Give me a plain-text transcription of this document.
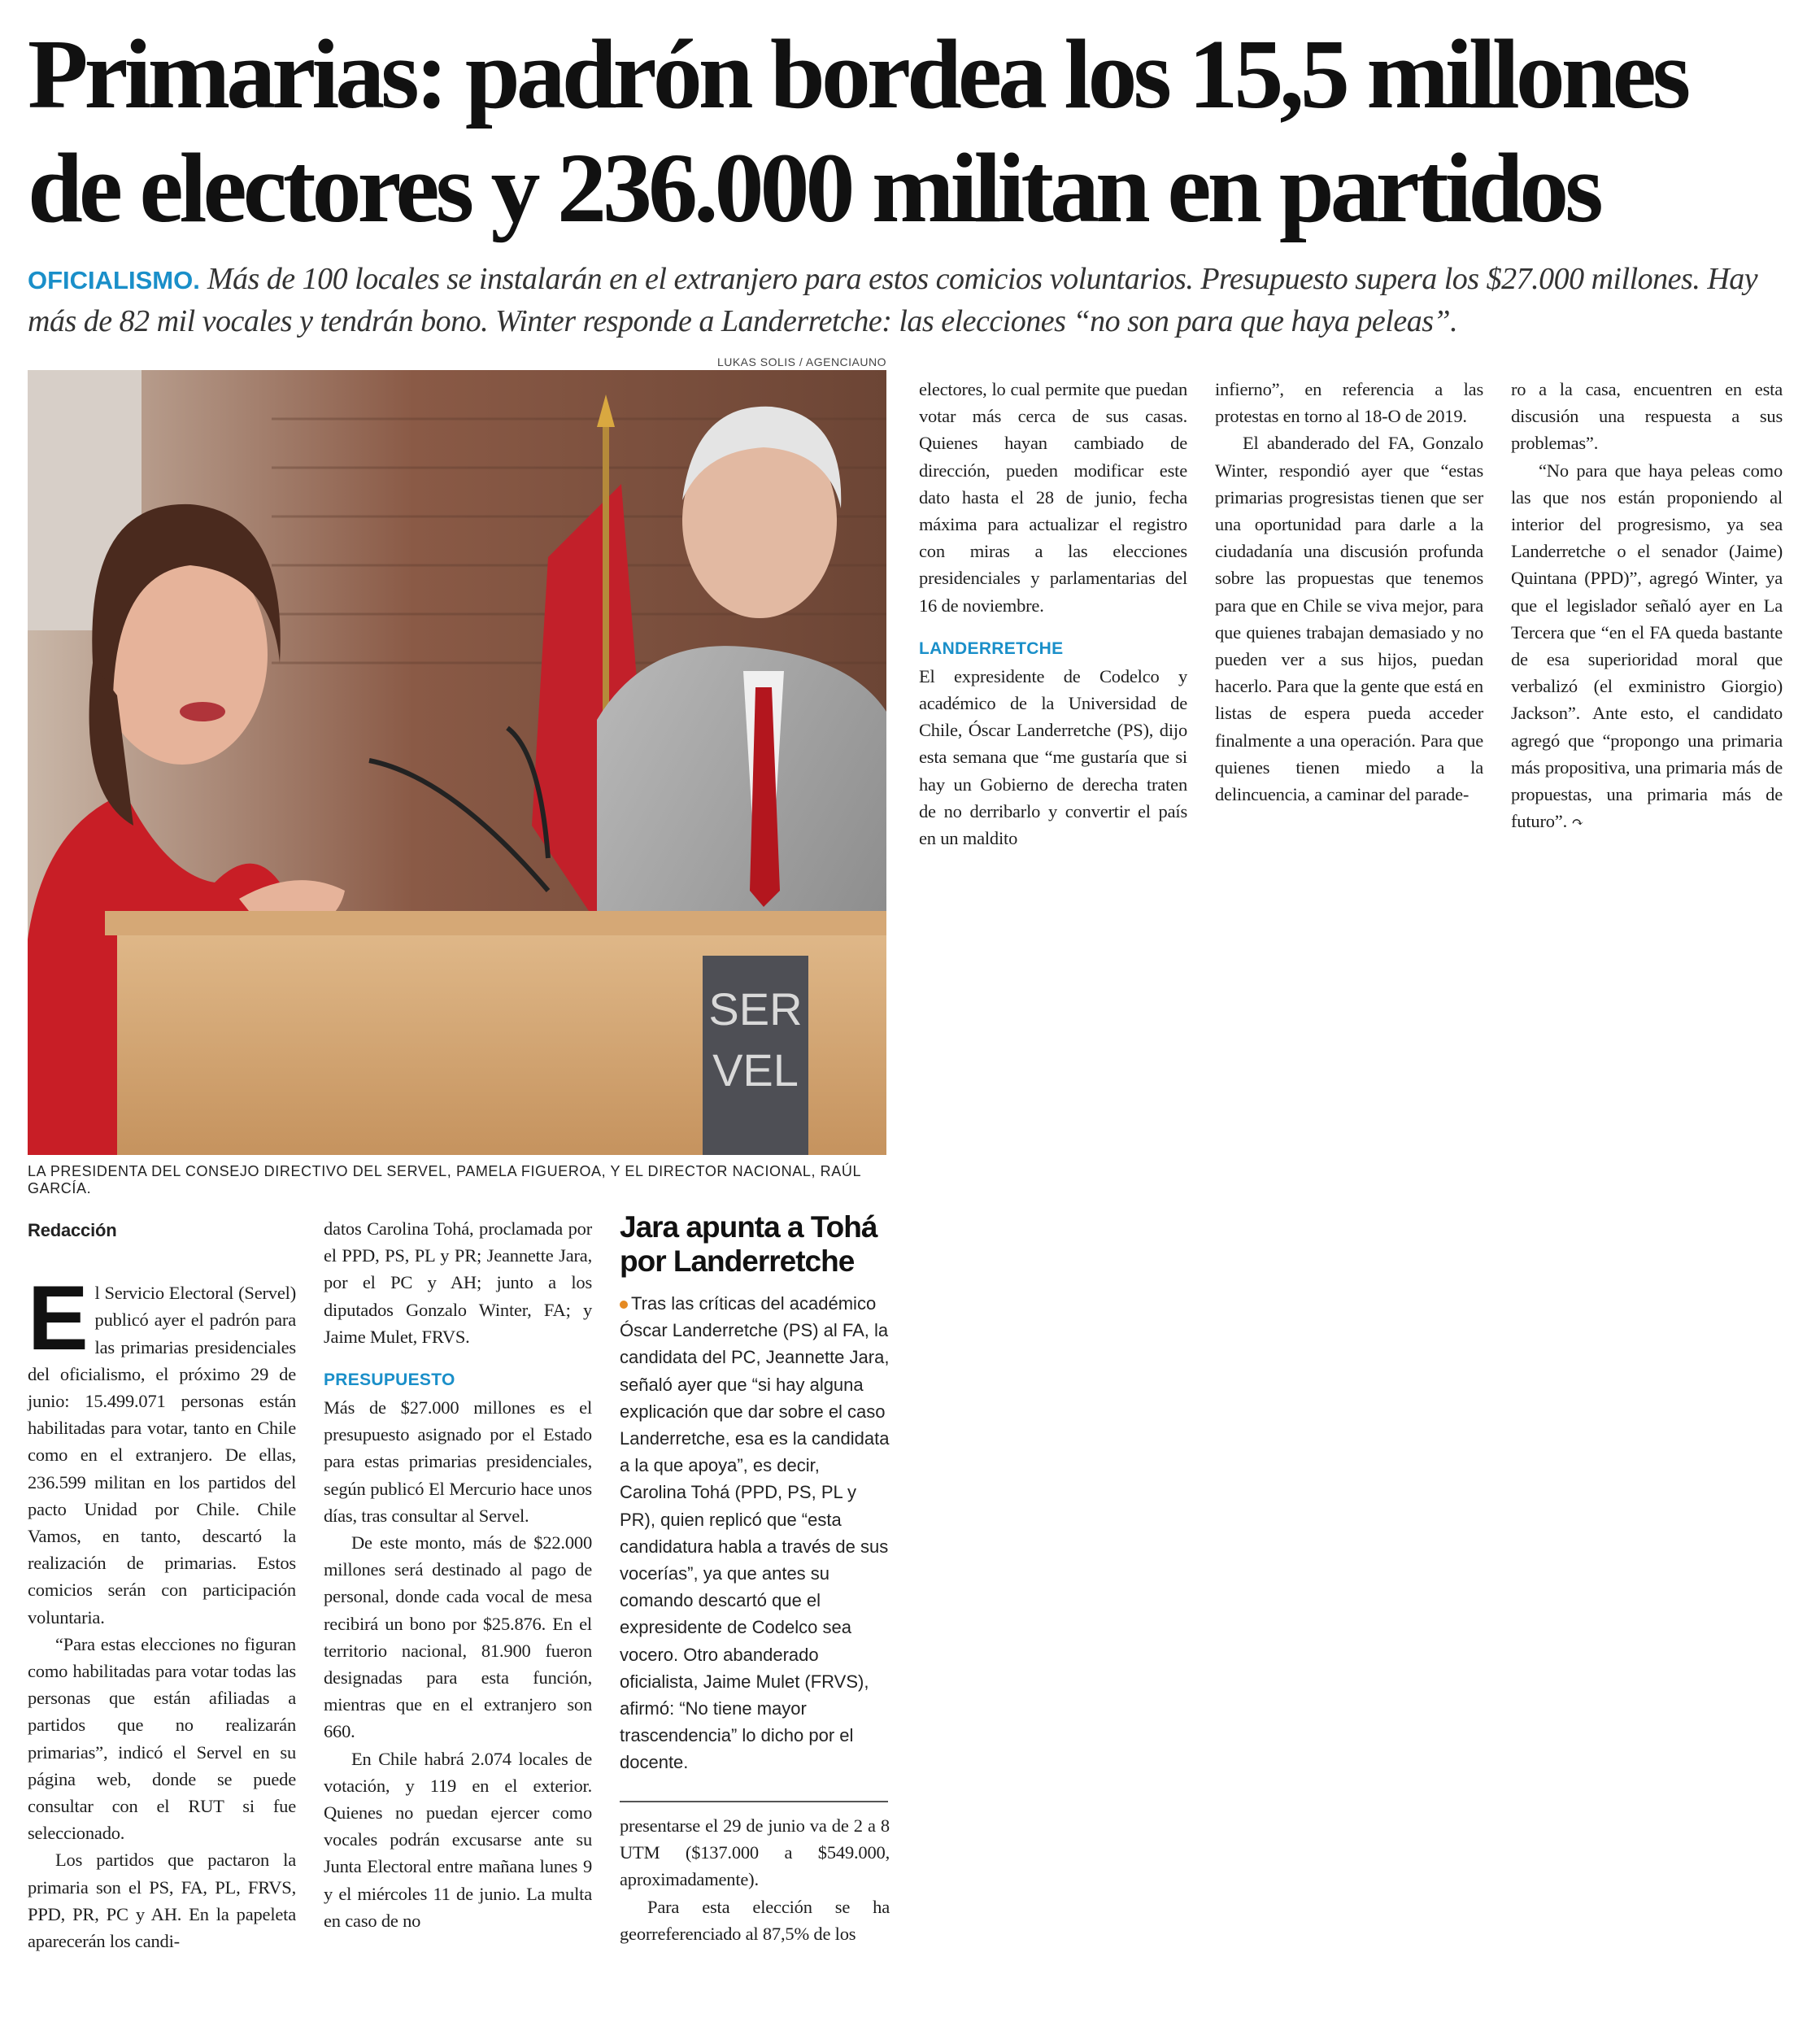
Primarias: padrón bordea los 15,5 millones de electores y 236.000 militan en partidos
OFICIALISMO. Más de 100 locales se instalarán en el extranjero para estos comicios voluntarios. Presupuesto supera los $27.000 millones. Hay más de 82 mil vocales y tendrán bono. Winter responde a Landerretche: las elecciones “no son para que haya peleas”.
LUKAS SOLIS / AGENCIAUNO
SER
VEL
LA PRESIDENTA DEL CONSEJO DIRECTIVO DEL SERVEL, PAMELA FIGUEROA, Y EL DIRECTOR NACIONAL, RAÚL GARCÍA.
Redacción

El Servicio Electoral (Servel) publicó ayer el padrón para las primarias presidenciales del oficialismo, el próximo 29 de junio: 15.499.071 personas están habilitadas para votar, tanto en Chile como en el extranjero. De ellas, 236.599 militan en los partidos del pacto Unidad por Chile. Chile Vamos, en tanto, descartó la realización de primarias. Estos comicios serán con participación voluntaria.

“Para estas elecciones no figuran como habilitadas para votar todas las personas que están afiliadas a partidos que no realizarán primarias”, indicó el Servel en su página web, donde se puede consultar con el RUT si fue seleccionado.

Los partidos que pactaron la primaria son el PS, FA, PL, FRVS, PPD, PR, PC y AH. En la papeleta aparecerán los candi-

datos Carolina Tohá, proclamada por el PPD, PS, PL y PR; Jeannette Jara, por el PC y AH; junto a los diputados Gonzalo Winter, FA; y Jaime Mulet, FRVS.

PRESUPUESTO

Más de $27.000 millones es el presupuesto asignado por el Estado para estas primarias presidenciales, según publicó El Mercurio hace unos días, tras consultar al Servel.

De este monto, más de $22.000 millones será destinado al pago de personal, donde cada vocal de mesa recibirá un bono por $25.876. En el territorio nacional, 81.900 fueron designadas para esta función, mientras que en el extranjero son 660.

En Chile habrá 2.074 locales de votación, y 119 en el exterior. Quienes no puedan ejercer como vocales podrán excusarse ante su Junta Electoral entre mañana lunes 9 y el miércoles 11 de junio. La multa en caso de no

Jara apunta a Tohá por Landerretche
Tras las críticas del académico Óscar Landerretche (PS) al FA, la candidata del PC, Jeannette Jara, señaló ayer que “si hay alguna explicación que dar sobre el caso Landerretche, esa es la candidata a la que apoya”, es decir, Carolina Tohá (PPD, PS, PL y PR), quien replicó que “esta candidatura habla a través de sus vocerías”, ya que antes su comando descartó que el expresidente de Codelco sea vocero. Otro abanderado oficialista, Jaime Mulet (FRVS), afirmó: “No tiene mayor trascendencia” lo dicho por el docente.

presentarse el 29 de junio va de 2 a 8 UTM ($137.000 a $549.000, aproximadamente).

Para esta elección se ha georreferenciado al 87,5% de los

electores, lo cual permite que puedan votar más cerca de sus casas. Quienes hayan cambiado de dirección, pueden modificar este dato hasta el 28 de junio, fecha máxima para actualizar el registro con miras a las elecciones presidenciales y parlamentarias del 16 de noviembre.

LANDERRETCHE

El expresidente de Codelco y académico de la Universidad de Chile, Óscar Landerretche (PS), dijo esta semana que “me gustaría que si hay un Gobierno de derecha traten de no derribarlo y convertir el país en un maldito

infierno”, en referencia a las protestas en torno al 18-O de 2019.

El abanderado del FA, Gonzalo Winter, respondió ayer que “estas primarias progresistas tienen que ser una oportunidad para darle a la ciudadanía una discusión profunda sobre las propuestas que tenemos para que en Chile se viva mejor, para que quienes trabajan demasiado y no pueden ver a sus hijos, puedan hacerlo. Para que la gente que está en listas de espera pueda acceder finalmente a una operación. Para que quienes tienen miedo a la delincuencia, a caminar del parade-

ro a la casa, encuentren en esta discusión una respuesta a sus problemas”.

“No para que haya peleas como las que nos están proponiendo al interior del progresismo, ya sea Landerretche o el senador (Jaime) Quintana (PPD)”, agregó Winter, ya que el legislador señaló ayer en La Tercera que “en el FA queda bastante de esa superioridad moral que verbalizó (el exministro Giorgio) Jackson”. Ante esto, el candidato agregó que “propongo una primaria más propositiva, una primaria más de propuestas, una primaria más de futuro”. ↷
